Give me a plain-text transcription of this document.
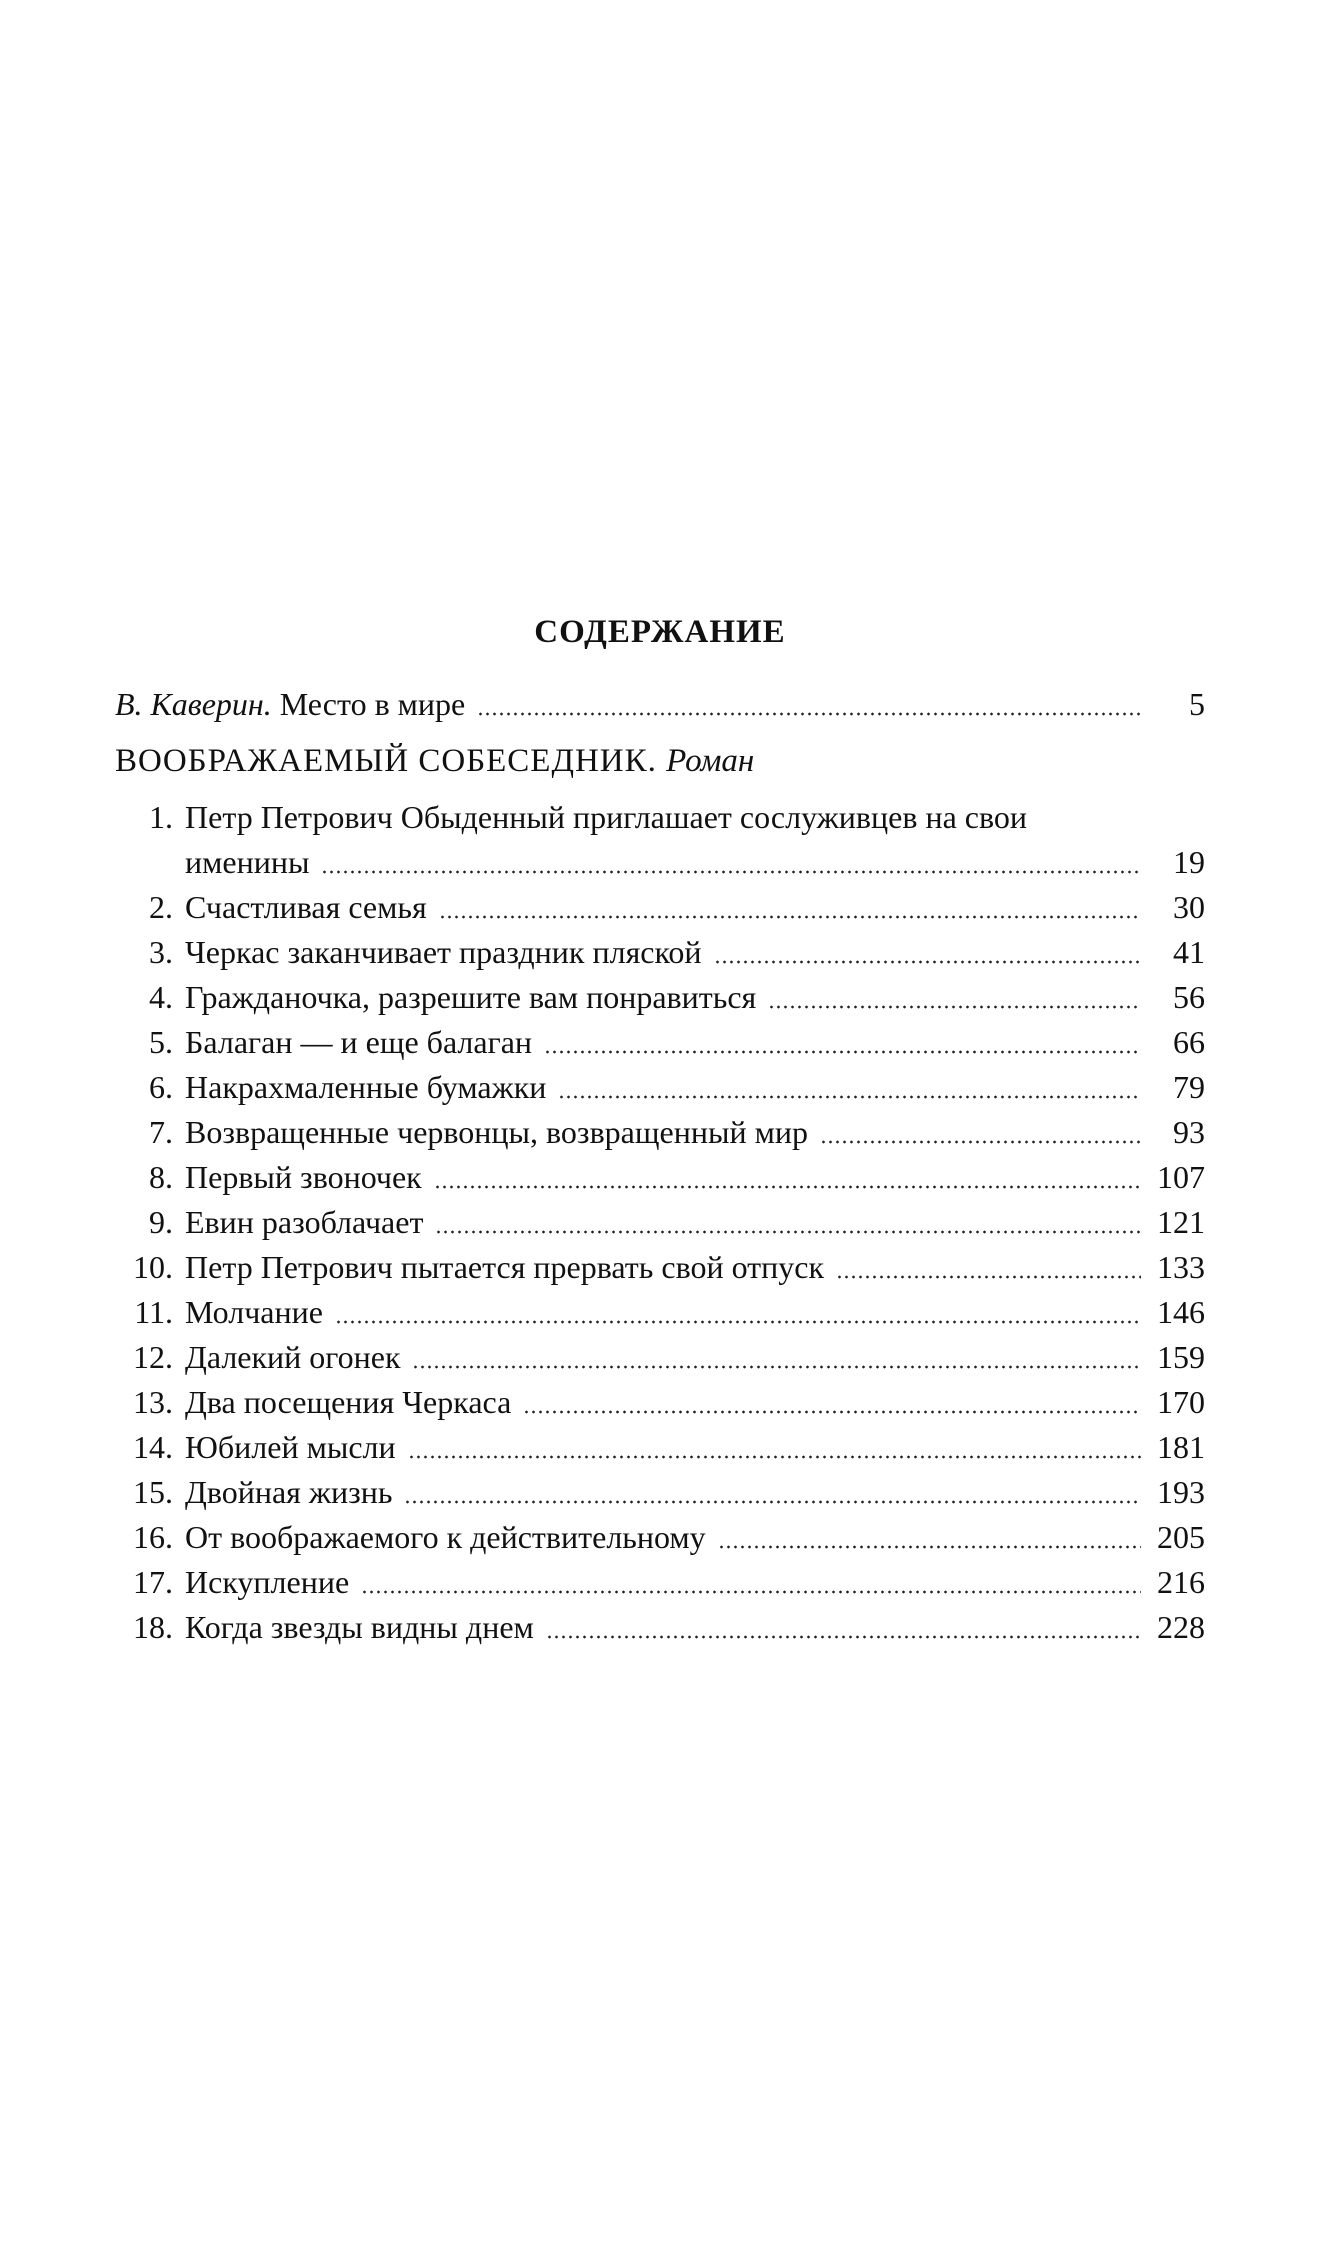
СОДЕРЖАНИЕ
В. Каверин. Место в мире	5
ВООБРАЖАЕМЫЙ СОБЕСЕДНИК. Роман
1. Петр Петрович Обыденный приглашает сослуживцев на свои
именины	19
2. Счастливая семья	30
3. Черкас заканчивает праздник пляской	41
4. Гражданочка, разрешите вам понравиться	56
5. Балаган — и еще балаган	66
6. Накрахмаленные бумажки	79
7. Возвращенные червонцы, возвращенный мир	93
8. Первый звоночек	107
9. Евин разоблачает	121
10. Петр Петрович пытается прервать свой отпуск	133
11. Молчание	146
12. Далекий огонек	159
13. Два посещения Черкаса	170
14. Юбилей мысли	181
15. Двойная жизнь	193
16. От воображаемого к действительному	205
17. Искупление	216
18. Когда звезды видны днем	228
